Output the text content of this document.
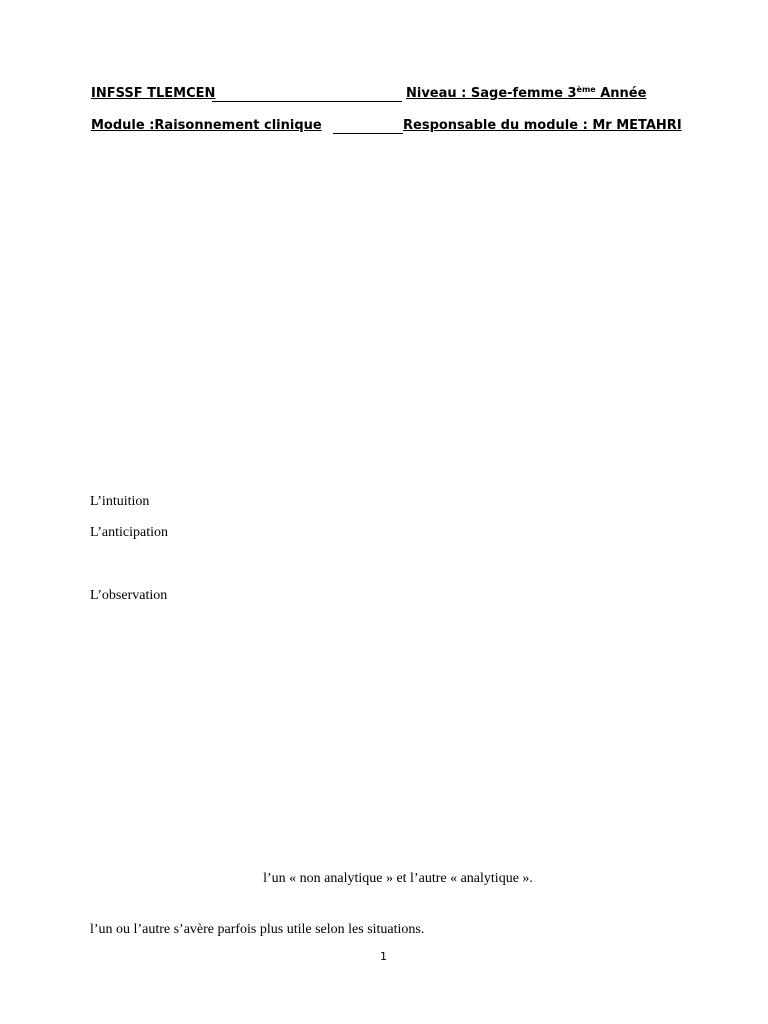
INFSSF TLEMCEN	Niveau : Sage-femme 3ème Année
Module :Raisonnement clinique	Responsable du module : Mr METAHRI
L’intuition
L’anticipation
L’observation
l’un « non analytique » et l’autre « analytique ».
l’un ou l’autre s’avère parfois plus utile selon les situations.
1
